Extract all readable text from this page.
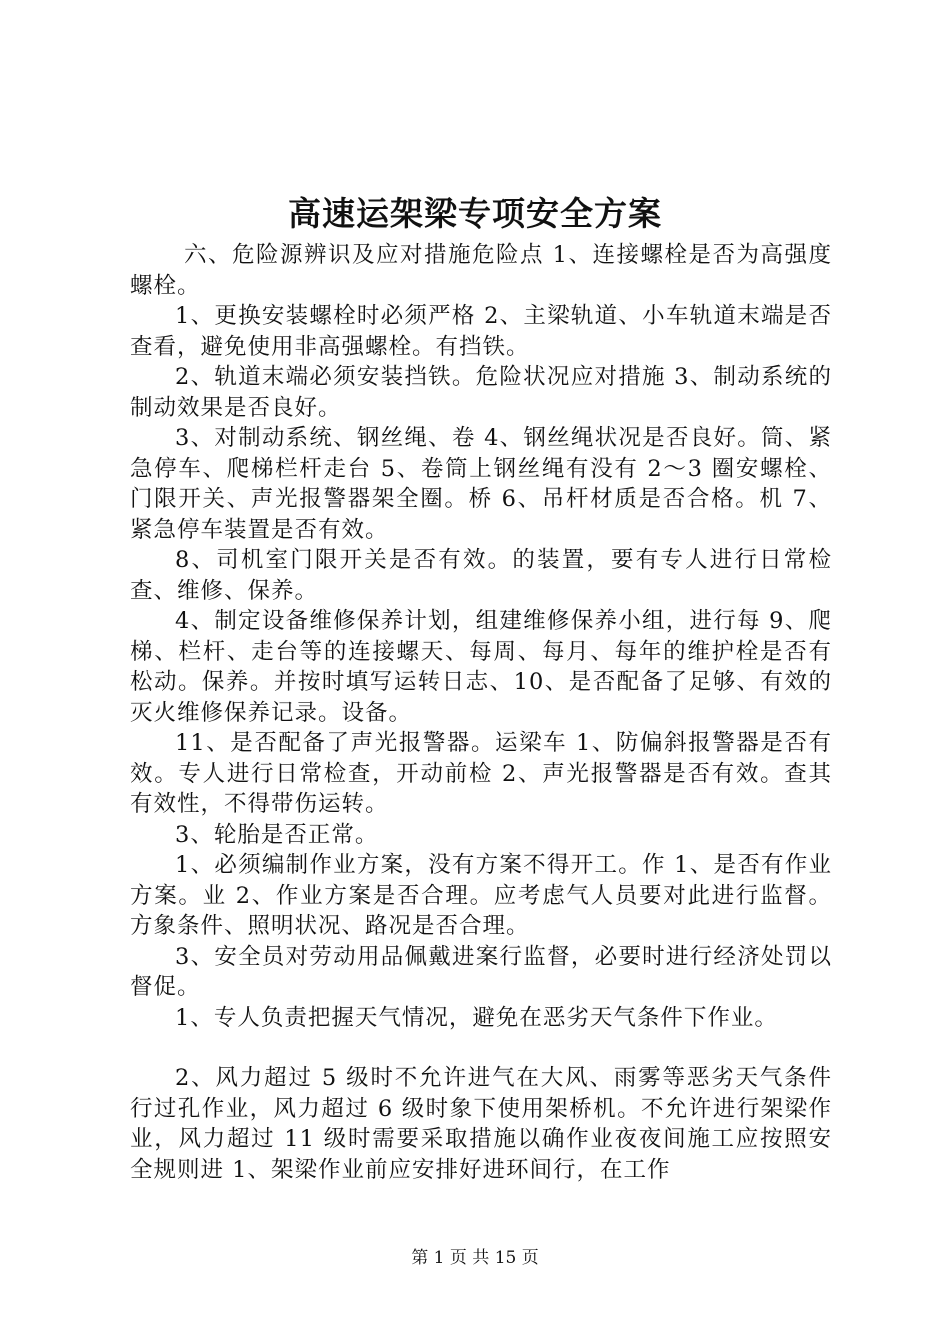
高速运架梁专项安全方案

六、危险源辨识及应对措施危险点 1、连接螺栓是否为高强度螺栓。

1、更换安装螺栓时必须严格 2、主梁轨道、小车轨道末端是否查看，避免使用非高强螺栓。有挡铁。

2、轨道末端必须安装挡铁。危险状况应对措施 3、制动系统的制动效果是否良好。

3、对制动系统、钢丝绳、卷 4、钢丝绳状况是否良好。筒、紧急停车、爬梯栏杆走台 5、卷筒上钢丝绳有没有 2～3 圈安螺栓、门限开关、声光报警器架全圈。桥 6、吊杆材质是否合格。机 7、紧急停车装置是否有效。

8、司机室门限开关是否有效。的装置，要有专人进行日常检查、维修、保养。

4、制定设备维修保养计划，组建维修保养小组，进行每 9、爬梯、栏杆、走台等的连接螺天、每周、每月、每年的维护栓是否有松动。保养。并按时填写运转日志、10、是否配备了足够、有效的灭火维修保养记录。设备。

11、是否配备了声光报警器。运梁车 1、防偏斜报警器是否有效。专人进行日常检查，开动前检 2、声光报警器是否有效。查其有效性，不得带伤运转。

3、轮胎是否正常。

1、必须编制作业方案，没有方案不得开工。作 1、是否有作业方案。业 2、作业方案是否合理。应考虑气人员要对此进行监督。方象条件、照明状况、路况是否合理。

3、安全员对劳动用品佩戴进案行监督，必要时进行经济处罚以督促。

1、专人负责把握天气情况，避免在恶劣天气条件下作业。

2、风力超过 5 级时不允许进气在大风、雨雾等恶劣天气条件行过孔作业，风力超过 6 级时象下使用架桥机。不允许进行架梁作业，风力超过 11 级时需要采取措施以确作业夜夜间施工应按照安全规则进 1、架梁作业前应安排好进环间行，在工作

第 1 页 共 15 页
